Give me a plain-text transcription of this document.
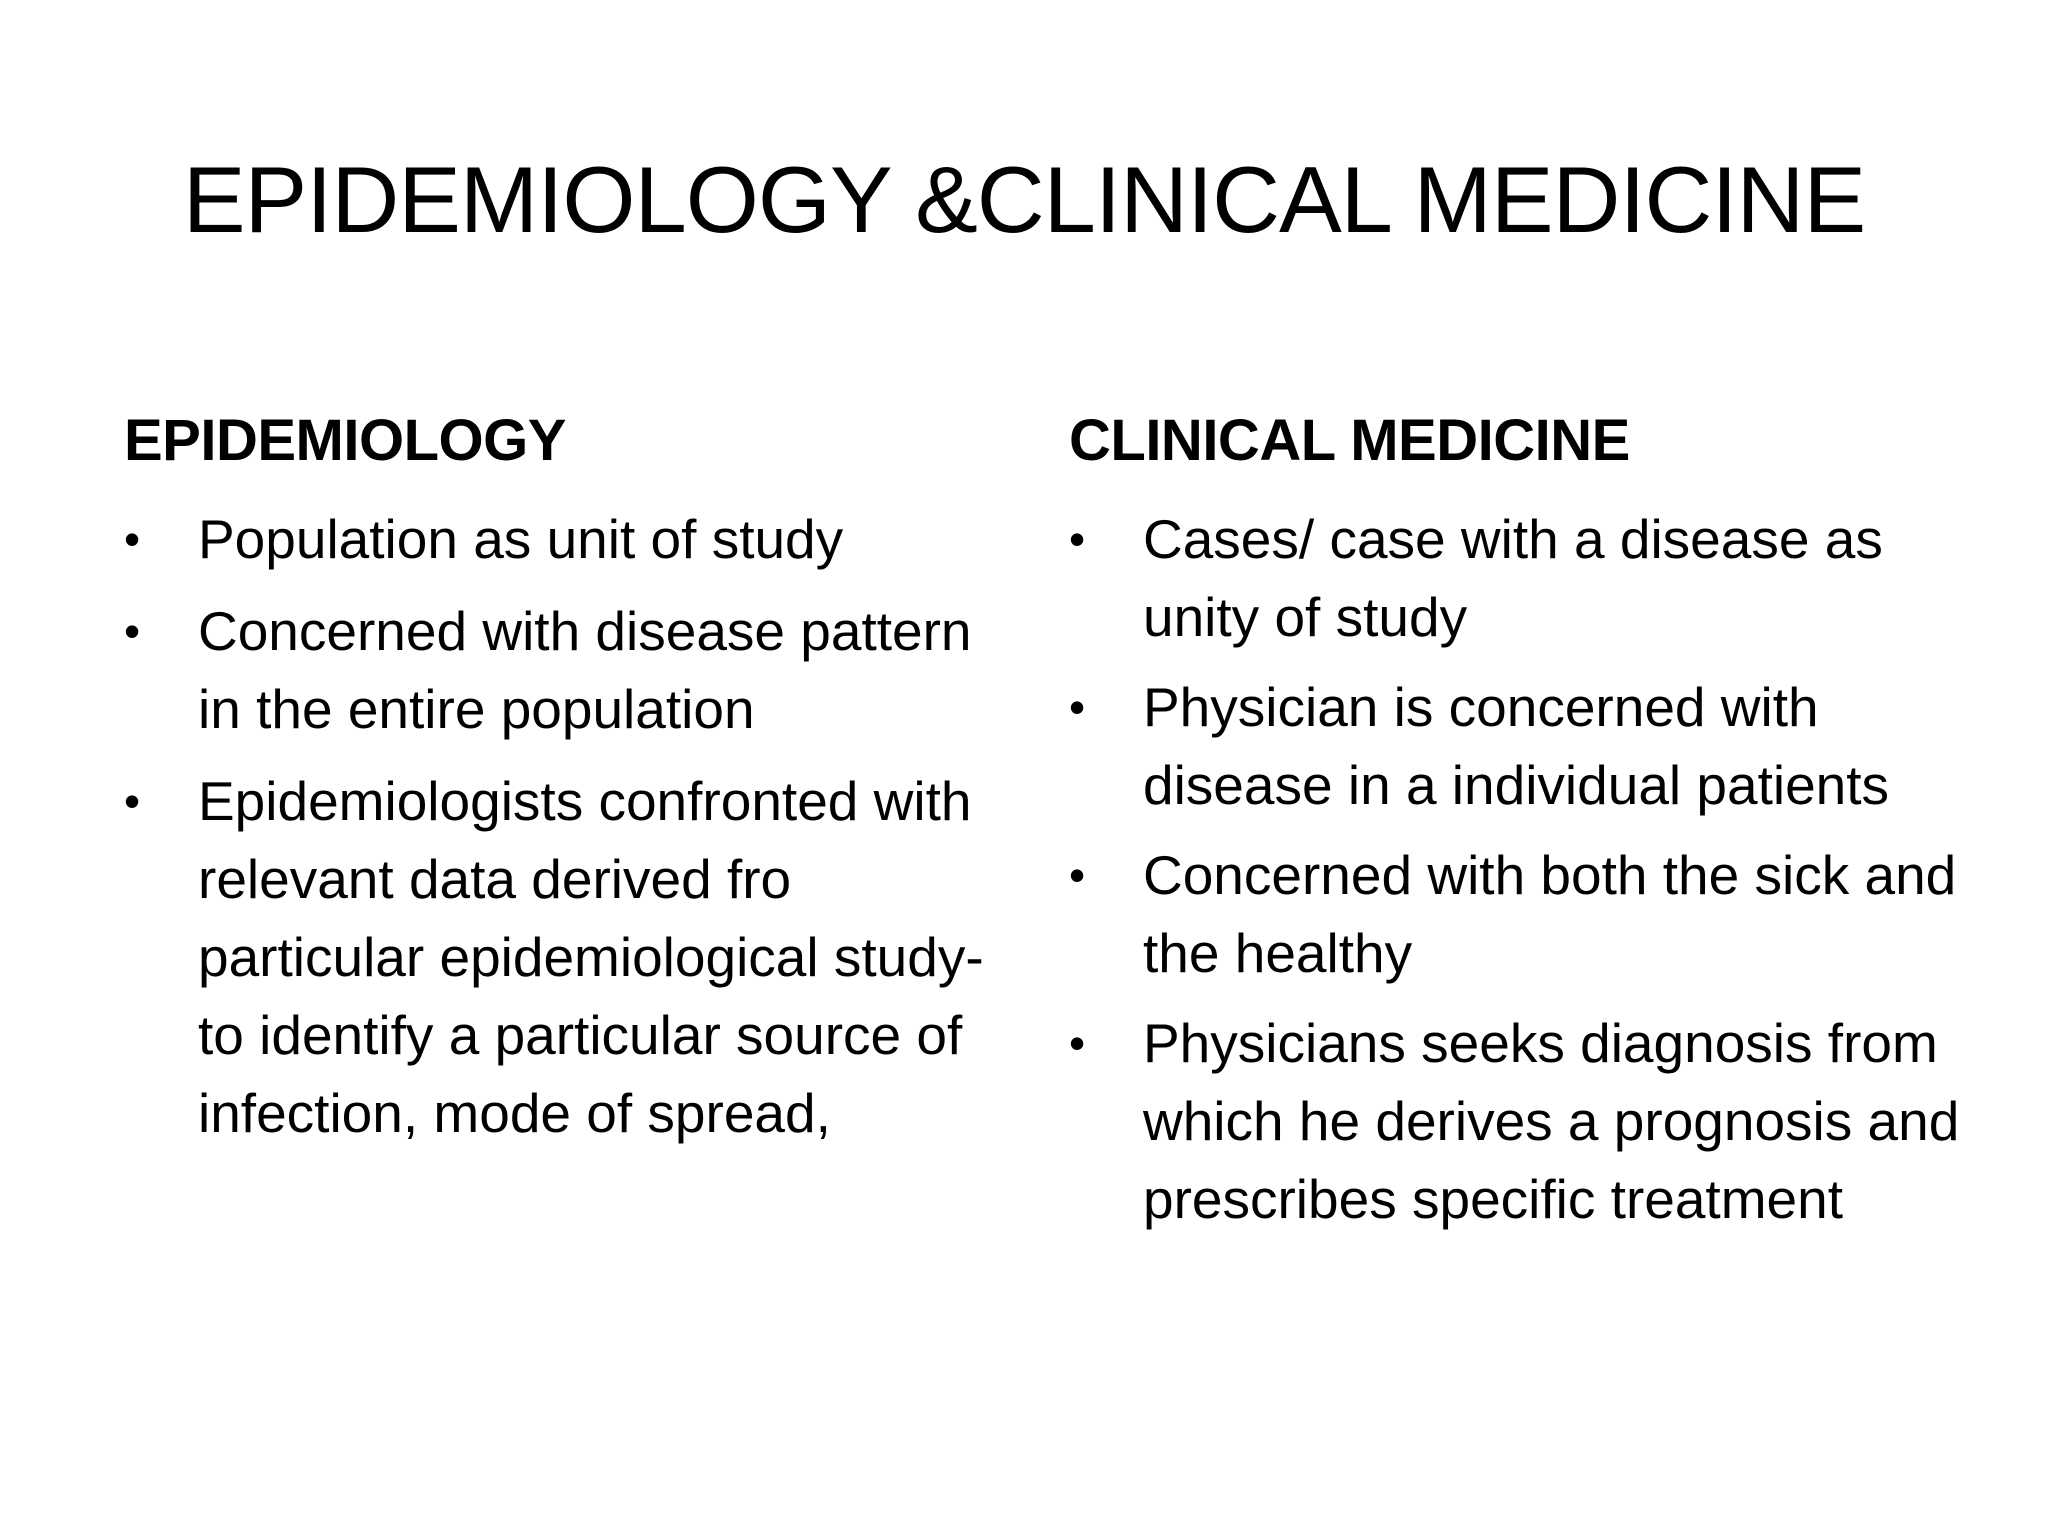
EPIDEMIOLOGY &CLINICAL MEDICINE
EPIDEMIOLOGY
• Population as unit of study
• Concerned with disease pattern in the entire population
• Epidemiologists confronted with relevant data derived fro particular epidemiological study-to identify a particular source of infection, mode of spread,
CLINICAL MEDICINE
• Cases/ case with a disease as unity of study
• Physician is concerned with disease in a individual patients
• Concerned with both the sick and the healthy
• Physicians seeks diagnosis from which he derives a prognosis and prescribes specific treatment
